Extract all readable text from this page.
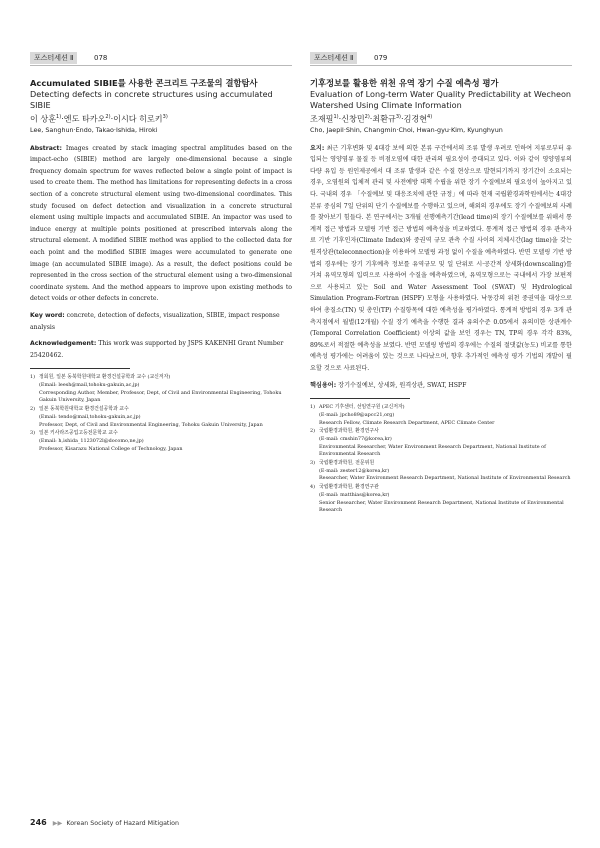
포스터세션 Ⅱ	078
Accumulated SIBIE를 사용한 콘크리트 구조물의 결함탐사
Detecting defects in concrete structures using accumulated SIBIE
이 상훈$^{1)}$·엔도 타카오$^{2)}$·이시다 히로키$^{3)}$
Lee, Sanghun·Endo, Takao·Ishida, Hiroki

Abstract: Images created by stack imaging spectral amplitudes based on the impact-echo (SIBIE) method are largely one-dimensional because a single frequency domain spectrum for waves reflected below a single point of impact is used to create them. The method has limitations for representing defects in a cross section of a concrete structural element using two-dimensional coordinates. This study focused on defect detection and visualization in a concrete structural element using multiple impacts and accumulated SIBIE. An impactor was used to induce energy at multiple points positioned at prescribed intervals along the structural element. A modified SIBIE method was applied to the collected data for each point and the modified SIBIE images were accumulated to generate one image (an accumulated SIBIE image). As a result, the defect positions could be represented in the cross section of the structural element using a two-dimensional coordinate system. And the method appears to improve upon existing methods to detect voids or other defects in concrete.

Key word: concrete, detection of defects, visualization, SIBIE, impact response analysis

Acknowledgement: This work was supported by JSPS KAKENHI Grant Number 25420462.

1) 정회원, 일본 동북학원대학교 환경건설공학과 교수 (교신저자)
(Email: leesh@mail,tohoku-gakuin,ac,jp)
Corresponding Author, Member, Professor, Dept, of Civil and Environmental Engineering, Tohoku Gakuin University, Japan
2) 일본 동북학원대학교 환경건설공학과 교수
(Email: tendo@mail,tohoku-gakuin,ac,jp)
Professor, Dept, of Civil and Environmental Engineering, Tohoku Gakuin University, Japan
3) 일본 키사라즈공업고등전문학교 교수
(Email: h,ishida_1123072l@docomo,ne,jp)
Professor, Kisarazu National College of Technology, Japan
포스터세션 Ⅱ	079
기후정보를 활용한 위천 유역 장기 수질 예측성 평가
Evaluation of Long-term Water Quality Predictability at Wecheon Watershed Using Climate Information
조재필$^{1)}$·신창민$^{2)}$·최환규$^{3)}$·김경현$^{4)}$
Cho, Jaepil·Shin, Changmin·Choi, Hwan-gyu·Kim, Kyunghyun

요지: 최근 기후변화 및 4대강 보에 의한 본류 구간에서의 조류 발생 우려로 인하여 지류로부터 유입되는 영양염류 물질 등 비점오염에 대한 관리의 필요성이 증대되고 있다. 이와 같이 영양염류의 다량 유입 등 원인제공에서 대 조류 발생과 같은 수질 현상으로 발현되기까지 장기간이 소요되는 경우, 오염원의 입체적 관리 및 사전예방 대책 수립을 위한 장기 수질예보의 필요성이 높아지고 있다. 국내의 경우 「수질예보 및 대응조치에 관한 규정」에 따라 현재 국립환경과학원에서는 4대강 본류 중심의 7일 단위의 단기 수질예보를 수행하고 있으며, 해외의 경우에도 장기 수질예보의 사례를 찾아보기 힘들다. 본 연구에서는 3개월 선행예측기간(lead time)의 장기 수질예보를 위해서 통계적 접근 방법과 모델링 기반 접근 방법의 예측성을 비교하였다. 통계적 접근 방법의 경우 관측자료 기반 기후인자(Climate Index)와 중권역 규모 관측 수질 사이의 지체시간(lag time)을 갖는 원격상관(teleconnection)을 이용하여 모델링 과정 없이 수질을 예측하였다. 반면 모델링 기반 방법의 경우에는 장기 기후예측 정보를 유역규모 및 일 단위로 시·공간적 상세화(downscaling)를 거쳐 유역모형의 입력으로 사용하여 수질을 예측하였으며, 유역모형으로는 국내에서 가장 보편적으로 사용되고 있는 Soil and Water Assessment Tool (SWAT) 및 Hydrological Simulation Program-Fortran (HSPF) 모형을 사용하였다. 낙동강의 위천 중권역을 대상으로 하여 총질소(TN) 및 총인(TP) 수질항목에 대한 예측성을 평가하였다. 통계적 방법의 경우 3개 관측지점에서 월별(12개월) 수질 장기 예측을 수행한 결과 유의수준 0.05에서 유의미한 상관계수(Temporal Correlation Coefficient) 이상의 값을 보인 경우는 TN, TP의 경우 각각 83%, 89%로서 적절한 예측성을 보였다. 반면 모델링 방법의 경우에는 수질의 절댓값(농도) 비교를 통한 예측성 평가에는 어려움이 있는 것으로 나타났으며, 향후 추가적인 예측성 평가 기법의 개발이 필요할 것으로 사료된다.

핵심용어: 장기수질예보, 상세화, 원격상관, SWAT, HSPF

1) APEC 기후센터, 선임연구원 (교신저자)
(E-mail: jpcho89@apcc21,org)
Research Fellow, Climate Research Department, APEC Climate Center
2) 국립환경과학원, 환경연구사
(E-mail: cmshin77@korea,kr)
Environmental Researcher, Water Environment Research Department, National Institute of Environmental Research
3) 국립환경과학원, 전문위원
(E-mail: zester12@korea,kr)
Researcher, Water Environment Research Department, National Institute of Environmental Research
4) 국립환경과학원, 환경연구관
(E-mail: matthias@korea,kr)
Senior Researcher, Water Environment Research Department, National Institute of Environmental Research
246 ▶▶ Korean Society of Hazard Mitigation
